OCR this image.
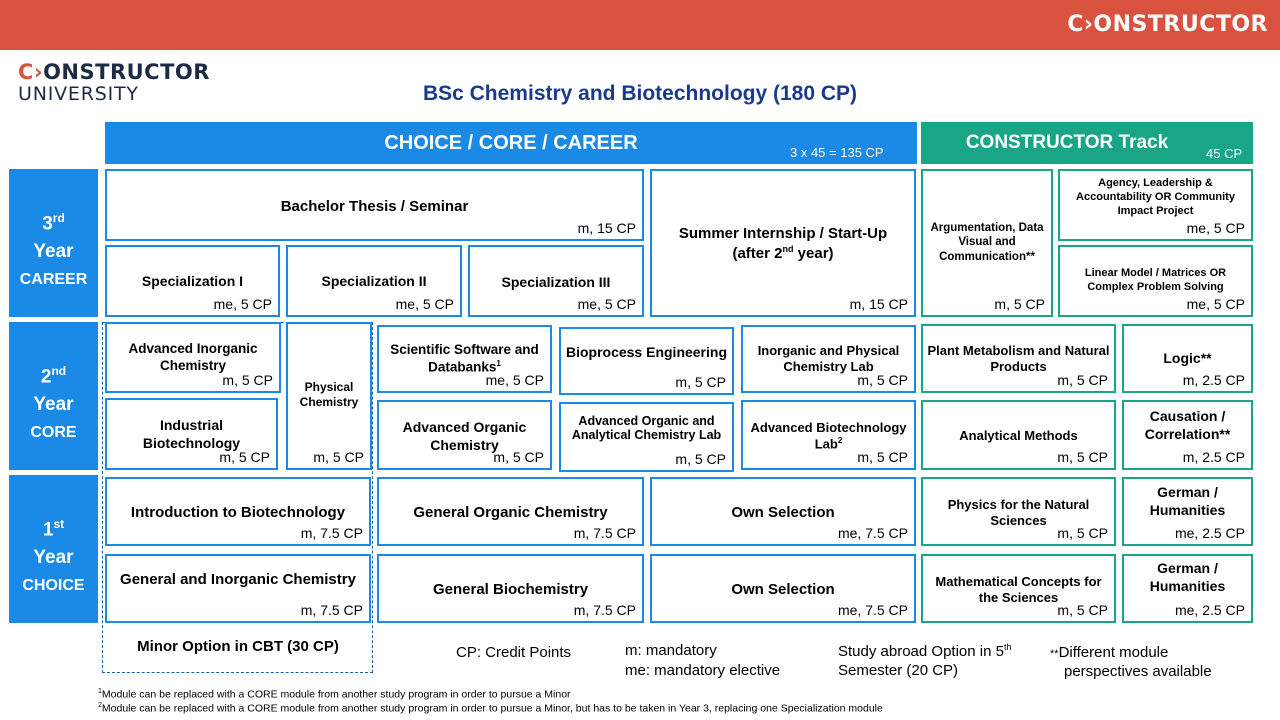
C›ONSTRUCTOR
C›ONSTRUCTOR
UNIVERSITY	BSc Chemistry and Biotechnology (180 CP)
CHOICE / CORE / CAREER	3 x 45 = 135 CP	CONSTRUCTOR Track
45 CP
3rd
Year
CAREER
2nd
Year
CORE
1st
Year
CHOICE
Bachelor Thesis / Seminar
m, 15 CP
Specialization I
me, 5 CP
Specialization II
me, 5 CP
Specialization III
me, 5 CP
Summer Internship / Start-Up
(after 2nd year)
m, 15 CP
Argumentation, Data Visual and Communication**
m, 5 CP
Agency, Leadership & Accountability OR Community Impact Project
me, 5 CP
Linear Model / Matrices OR Complex Problem Solving
me, 5 CP
Advanced Inorganic Chemistry
m, 5 CP	Physical Chemistry
m, 5 CP
Scientific Software and Databanks$^1$
me, 5 CP
Bioprocess Engineering
m, 5 CP
Inorganic and Physical Chemistry Lab
m, 5 CP
Plant Metabolism and Natural Products
m, 5 CP
Logic**
m, 2.5 CP
Industrial Biotechnology
m, 5 CP
Advanced Organic Chemistry
m, 5 CP
Advanced Organic and Analytical Chemistry Lab
m, 5 CP
Advanced Biotechnology Lab$^2$
m, 5 CP
Analytical Methods
m, 5 CP
Causation / Correlation**
m, 2.5 CP
Introduction to Biotechnology
m, 7.5 CP
General Organic Chemistry
m, 7.5 CP
Own Selection
me, 7.5 CP
Physics for the Natural Sciences
m, 5 CP
German / Humanities
me, 2.5 CP
General and Inorganic Chemistry
m, 7.5 CP
General Biochemistry
m, 7.5 CP
Own Selection
me, 7.5 CP
Mathematical Concepts for the Sciences
m, 5 CP
German / Humanities
me, 2.5 CP
Minor Option in CBT (30 CP)	CP: Credit Points	m: mandatory
me: mandatory elective
Study abroad Option in 5th
Semester (20 CP)
**Different module
perspectives available
$^1$Module can be replaced with a CORE module from another study program in order to pursue a Minor
$^2$Module can be replaced with a CORE module from another study program in order to pursue a Minor, but has to be taken in Year 3, replacing one Specialization module
